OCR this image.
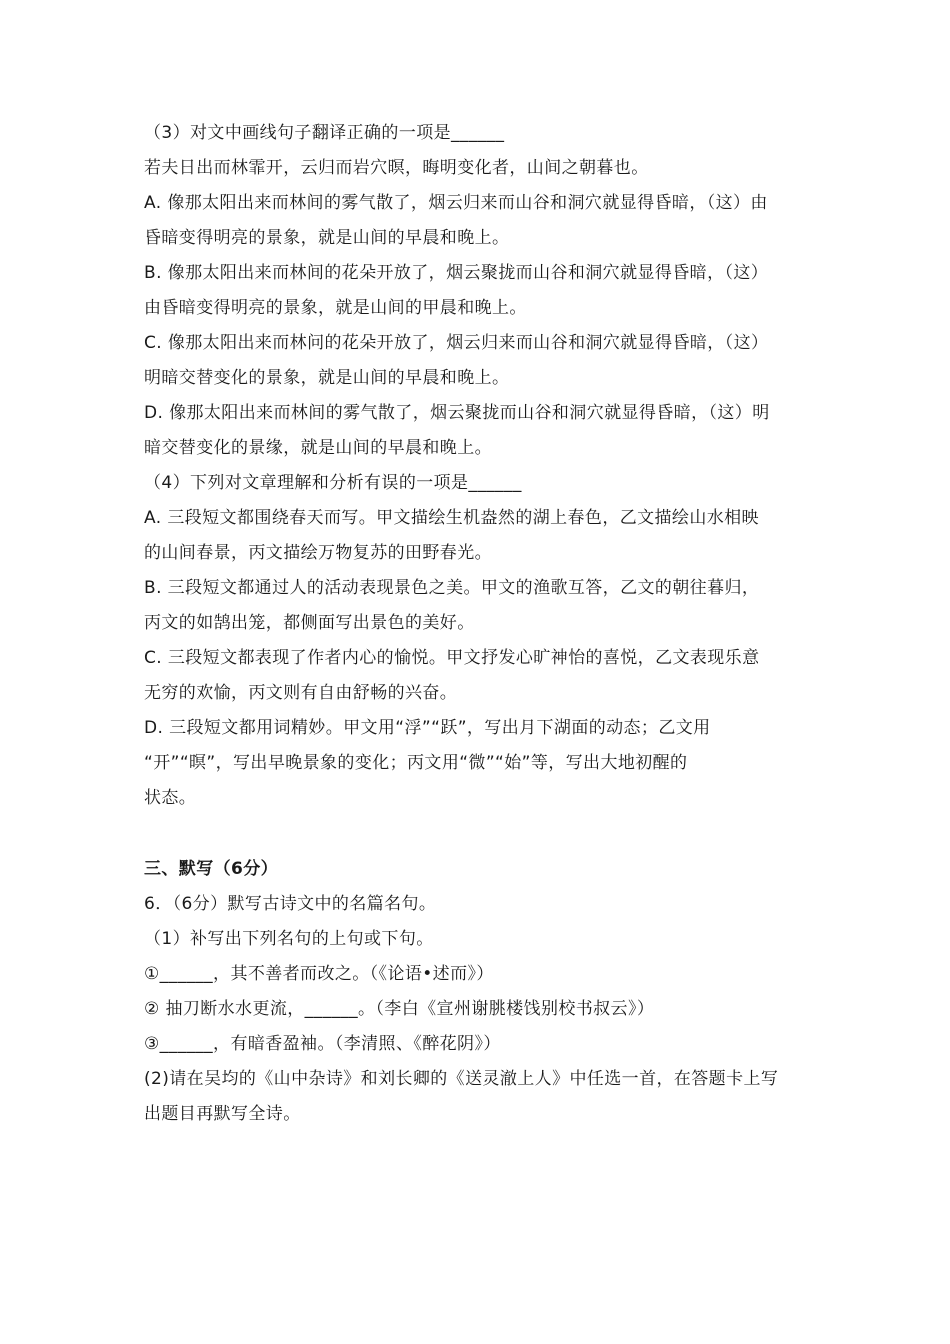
（3）对文中画线句子翻译正确的一项是______
若夫日出而林霏开，云归而岩穴暝，晦明变化者，山间之朝暮也。
A. 像那太阳出来而林间的雾气散了，烟云归来而山谷和洞穴就显得昏暗，（这）由
昏暗变得明亮的景象，就是山间的早晨和晚上。
B. 像那太阳出来而林间的花朵开放了，烟云聚拢而山谷和洞穴就显得昏暗，（这）
由昏暗变得明亮的景象，就是山间的甲晨和晚上。
C. 像那太阳出来而林问的花朵开放了，烟云归来而山谷和洞穴就显得昏暗，（这）
明暗交替变化的景象，就是山间的早晨和晚上。
D. 像那太阳出来而林间的雾气散了，烟云聚拢而山谷和洞穴就显得昏暗，（这）明
暗交替变化的景缘，就是山间的早晨和晚上。
（4）下列对文章理解和分析有误的一项是______
A. 三段短文都围绕春天而写。甲文描绘生机盎然的湖上春色，乙文描绘山水相映
的山间春景，丙文描绘万物复苏的田野春光。
B. 三段短文都通过人的活动表现景色之美。甲文的渔歌互答，乙文的朝往暮归，
丙文的如鹄出笼，都侧面写出景色的美好。
C. 三段短文都表现了作者内心的愉悦。甲文抒发心旷神怡的喜悦，乙文表现乐意
无穷的欢愉，丙文则有自由舒畅的兴奋。
D. 三段短文都用词精妙。甲文用“浮”“跃”，写出月下湖面的动态；乙文用
“开”“暝”，写出早晚景象的变化；丙文用“微”“始”等，写出大地初醒的
状态。
三、默写（6分）
6．（6分）默写古诗文中的名篇名句。
（1）补写出下列名句的上句或下句。
①______，其不善者而改之。（《论语•述而》）
② 抽刀断水水更流，______。（李白《宣州谢朓楼饯别校书叔云》）
③______，有暗香盈袖。（李清照、《醉花阴》）
(2)请在吴均的《山中杂诗》和刘长卿的《送灵澈上人》中任选一首，在答题卡上写
出题目再默写全诗。
